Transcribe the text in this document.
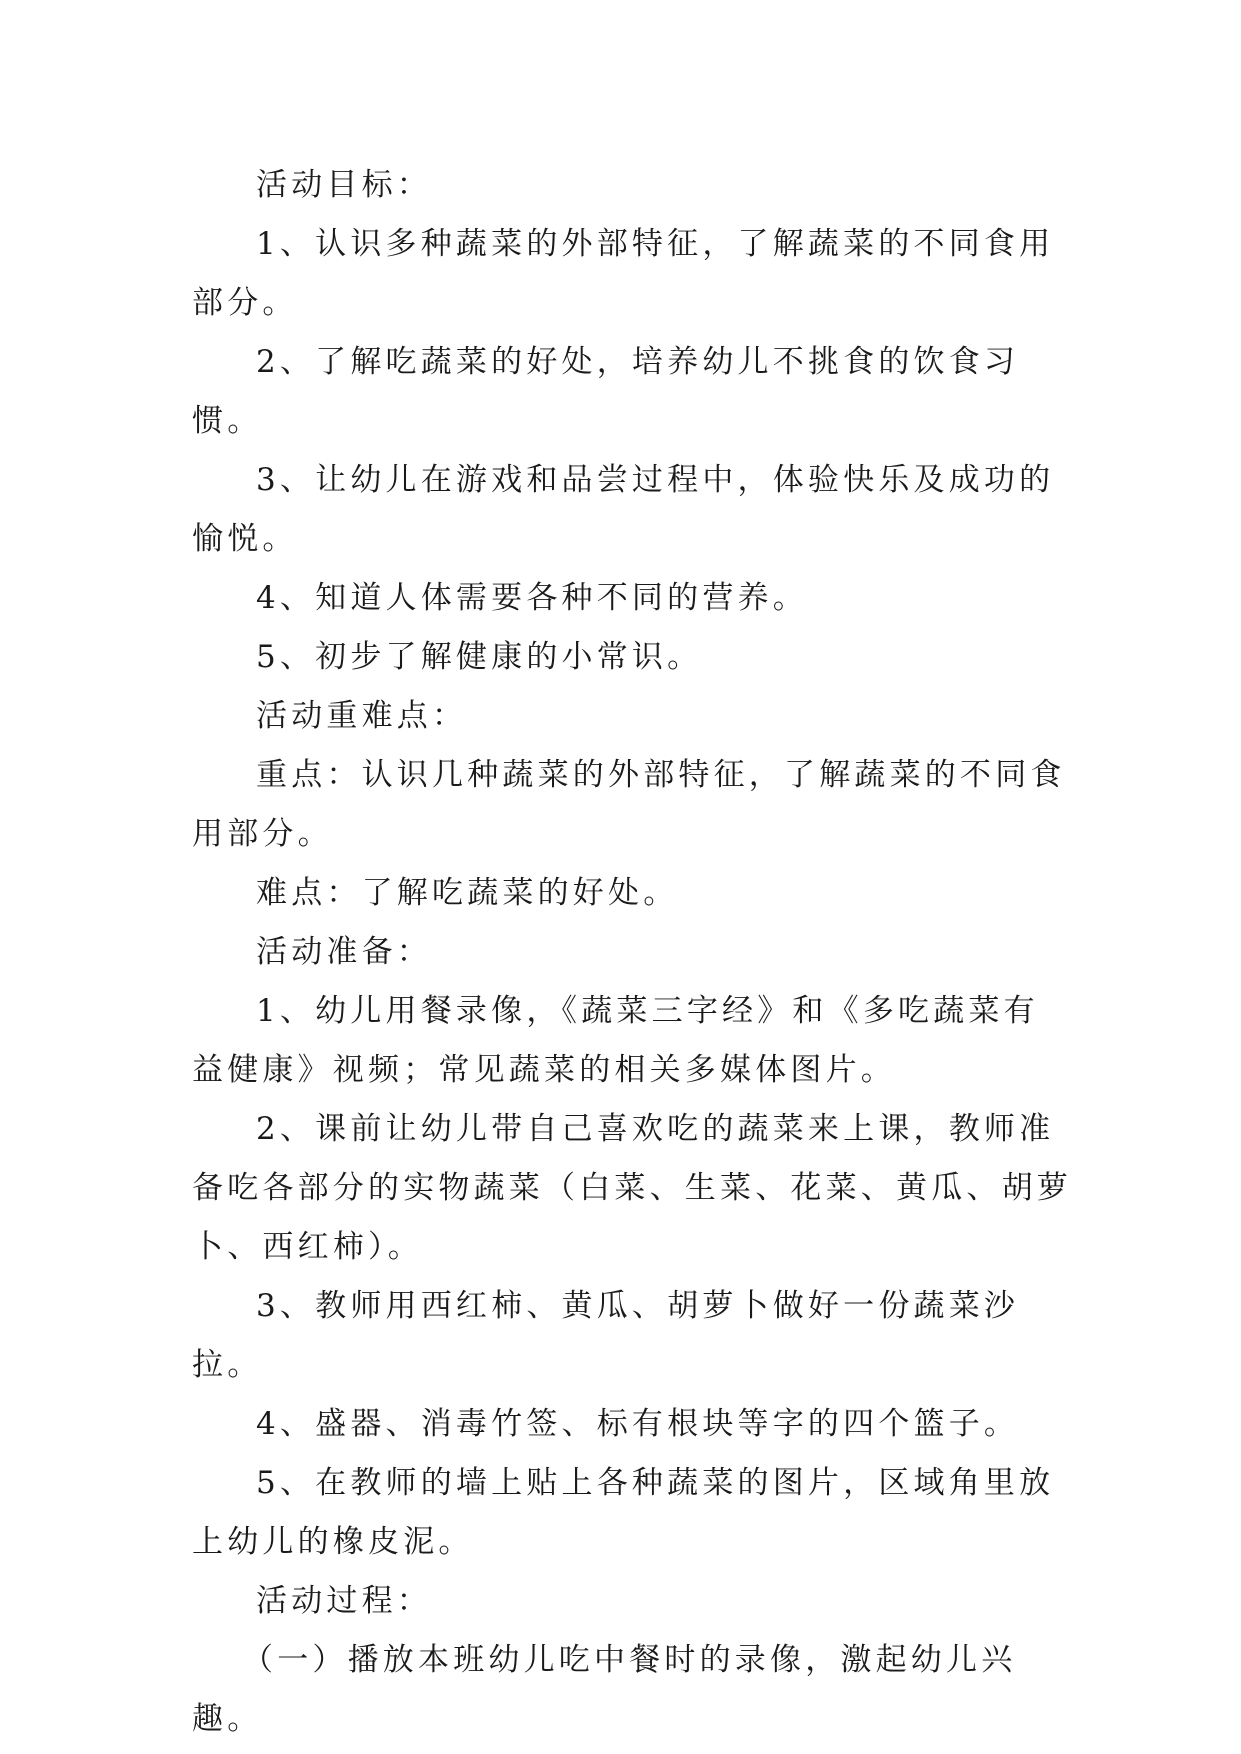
活动目标：

1、认识多种蔬菜的外部特征，了解蔬菜的不同食用部分。

2、了解吃蔬菜的好处，培养幼儿不挑食的饮食习惯。

3、让幼儿在游戏和品尝过程中，体验快乐及成功的愉悦。

4、知道人体需要各种不同的营养。

5、初步了解健康的小常识。

活动重难点：

重点：认识几种蔬菜的外部特征，了解蔬菜的不同食用部分。

难点：了解吃蔬菜的好处。

活动准备：

1、幼儿用餐录像，《蔬菜三字经》和《多吃蔬菜有益健康》视频；常见蔬菜的相关多媒体图片。

2、课前让幼儿带自己喜欢吃的蔬菜来上课，教师准备吃各部分的实物蔬菜（白菜、生菜、花菜、黄瓜、胡萝卜、西红柿）。

3、教师用西红柿、黄瓜、胡萝卜做好一份蔬菜沙拉。

4、盛器、消毒竹签、标有根块等字的四个篮子。

5、在教师的墙上贴上各种蔬菜的图片，区域角里放上幼儿的橡皮泥。

活动过程：

（一）播放本班幼儿吃中餐时的录像，激起幼儿兴趣。
